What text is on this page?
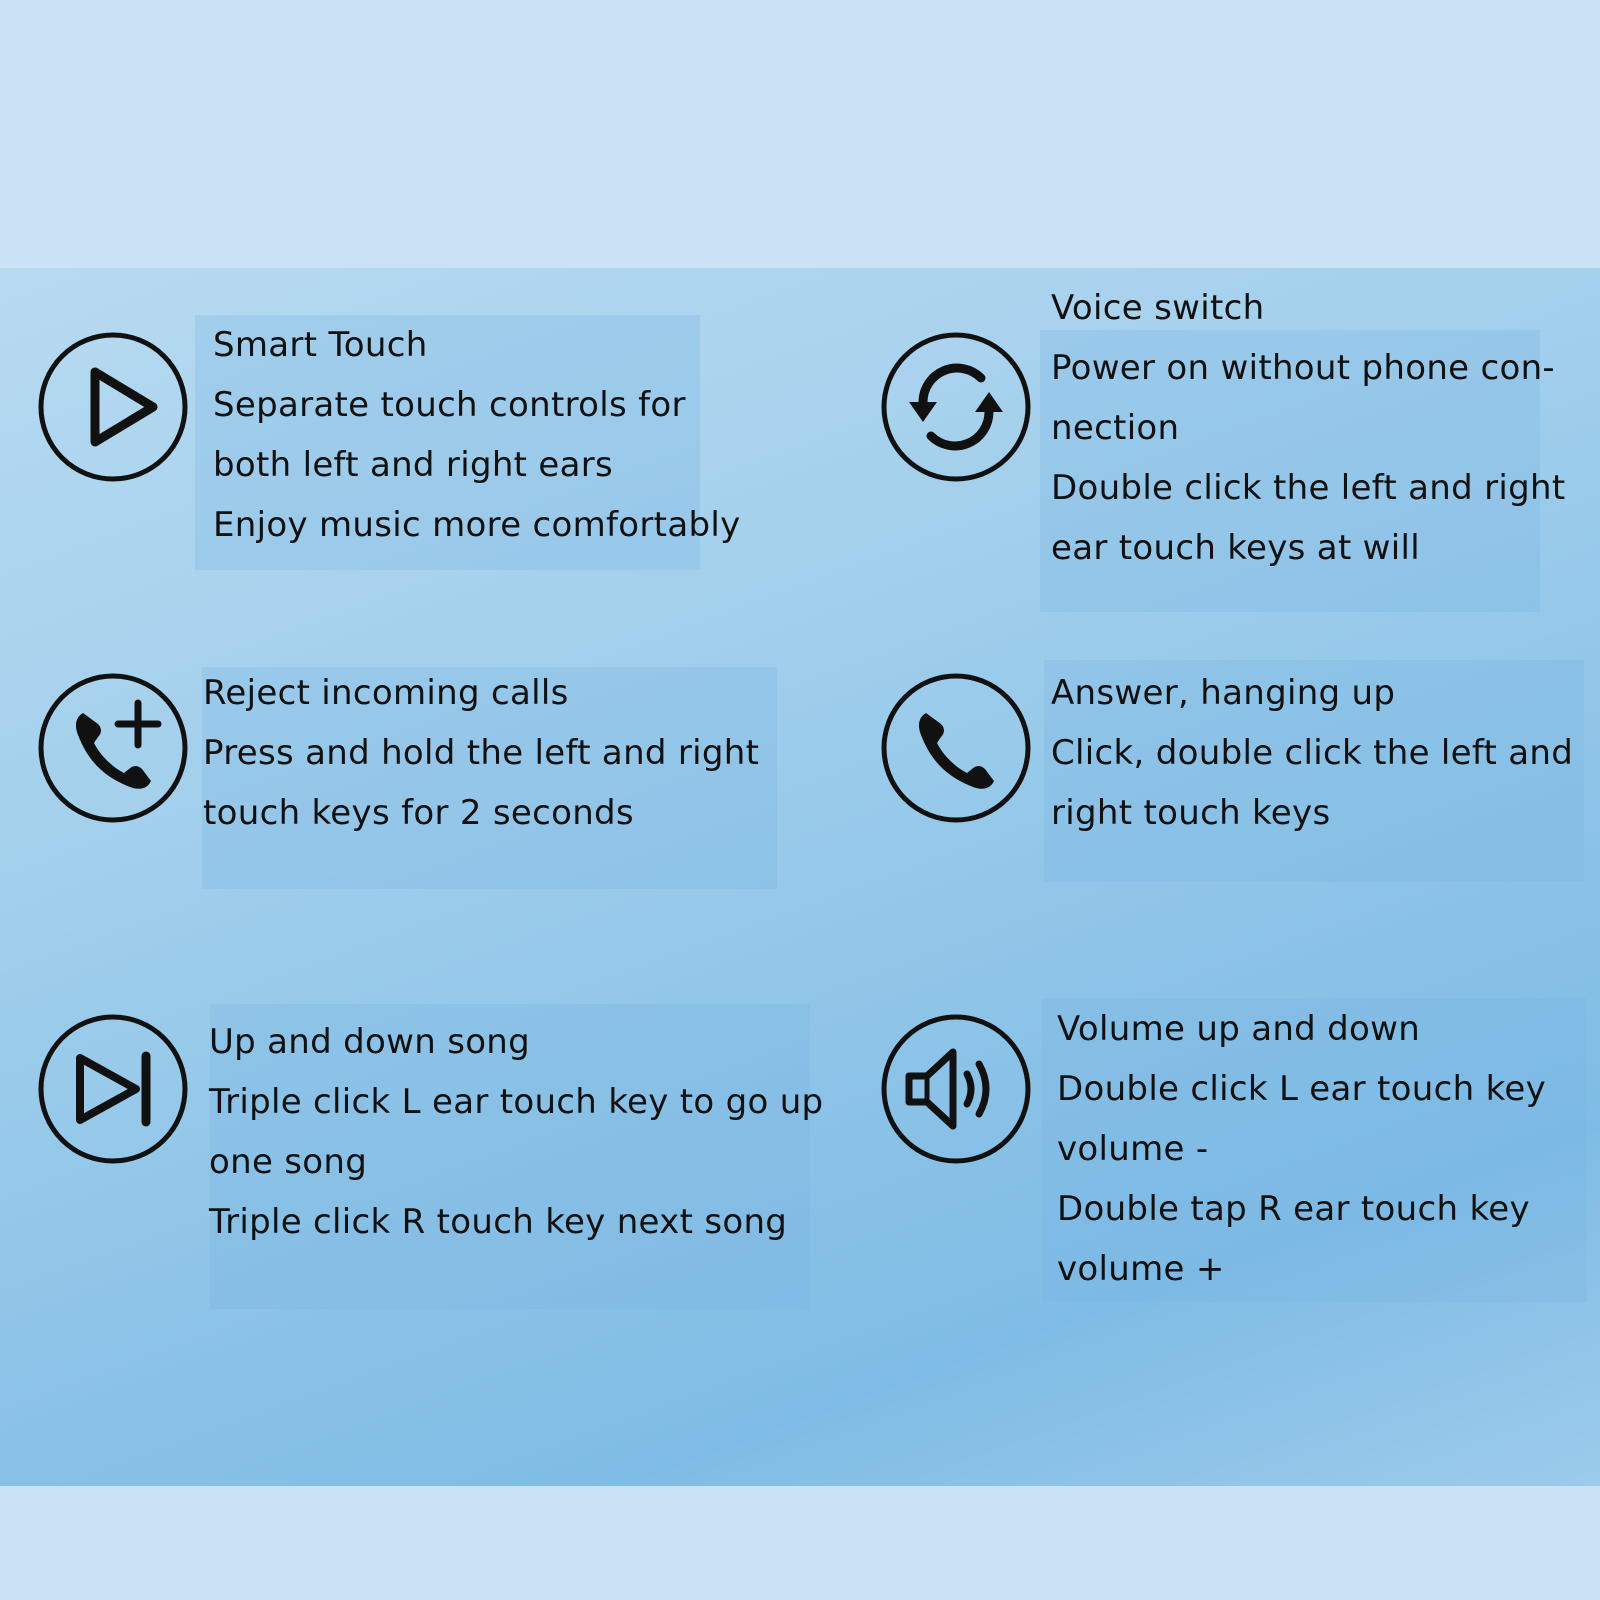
Smart Touch
Separate touch controls for
both left and right ears
Enjoy music more comfortably
Voice switch
Power on without phone con-
nection
Double click the left and right
ear touch keys at will
Reject incoming calls
Press and hold the left and right
touch keys for 2 seconds
Answer, hanging up
Click, double click the left and
right touch keys
Up and down song
Triple click L ear touch key to go up
one song
Triple click R touch key next song
Volume up and down
Double click L ear touch key
volume -
Double tap R ear touch key
volume +
